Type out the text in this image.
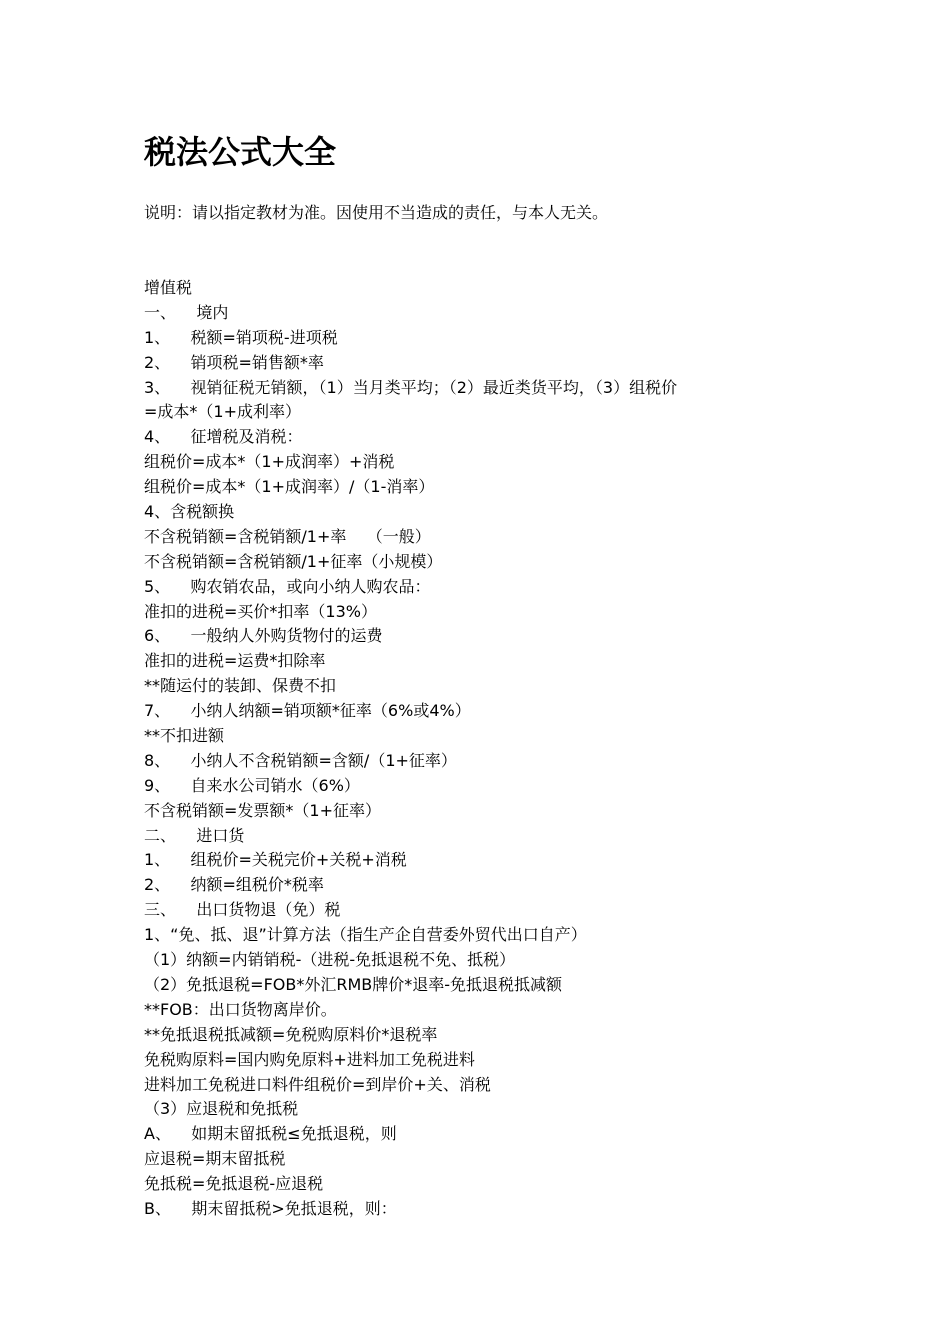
税法公式大全
说明：请以指定教材为准。因使用不当造成的责任，与本人无关。
增值税
一、    境内
1、    税额=销项税-进项税
2、    销项税=销售额*率
3、    视销征税无销额，（1）当月类平均；（2）最近类货平均，（3）组税价
=成本*（1+成利率）
4、    征增税及消税：
组税价=成本*（1+成润率）+消税
组税价=成本*（1+成润率）/（1-消率）
4、含税额换
不含税销额=含税销额/1+率    （一般）
不含税销额=含税销额/1+征率（小规模）
5、    购农销农品，或向小纳人购农品：
准扣的进税=买价*扣率（13%）
6、    一般纳人外购货物付的运费
准扣的进税=运费*扣除率
**随运付的装卸、保费不扣
7、    小纳人纳额=销项额*征率（6%或4%）
**不扣进额
8、    小纳人不含税销额=含额/（1+征率）
9、    自来水公司销水（6%）
不含税销额=发票额*（1+征率）
二、    进口货
1、    组税价=关税完价+关税+消税
2、    纳额=组税价*税率
三、    出口货物退（免）税
1、“免、抵、退”计算方法（指生产企自营委外贸代出口自产）
（1）纳额=内销销税-（进税-免抵退税不免、抵税）
（2）免抵退税=FOB*外汇RMB牌价*退率-免抵退税抵减额
**FOB：出口货物离岸价。
**免抵退税抵减额=免税购原料价*退税率
免税购原料=国内购免原料+进料加工免税进料
进料加工免税进口料件组税价=到岸价+关、消税
（3）应退税和免抵税
A、    如期末留抵税≤免抵退税，则
应退税=期末留抵税
免抵税=免抵退税-应退税
B、    期末留抵税>免抵退税，则：
